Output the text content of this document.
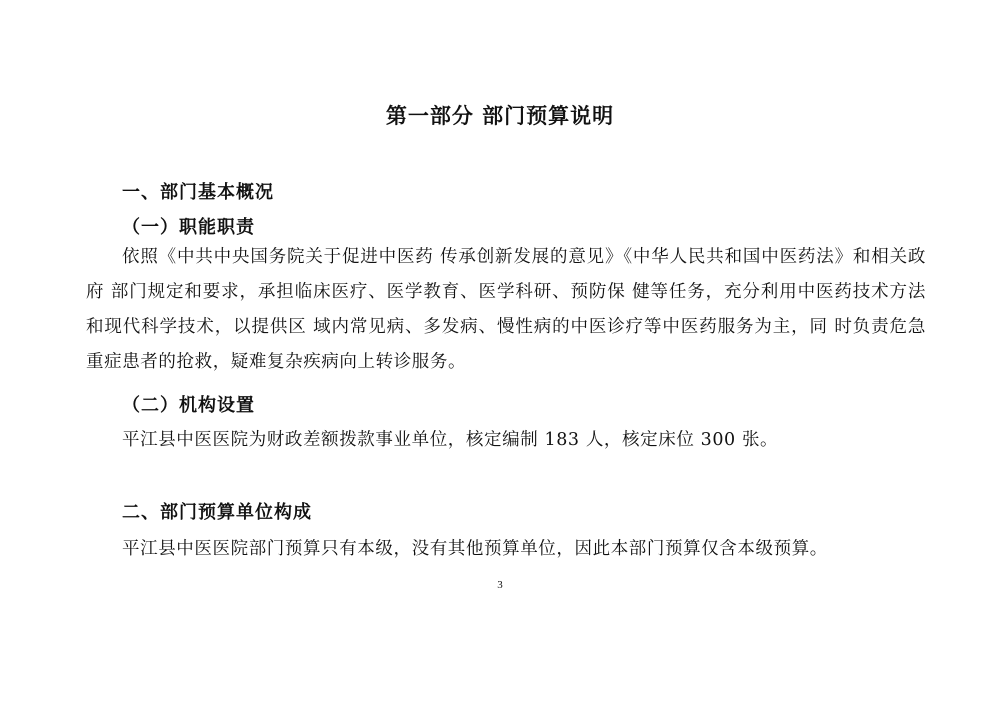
第一部分 部门预算说明
一、部门基本概况
（一）职能职责

依照《中共中央国务院关于促进中医药 传承创新发展的意见》《中华人民共和国中医药法》和相关政府 部门规定和要求，承担临床医疗、医学教育、医学科研、预防保 健等任务，充分利用中医药技术方法和现代科学技术，以提供区 域内常见病、多发病、慢性病的中医诊疗等中医药服务为主，同 时负责危急重症患者的抢救，疑难复杂疾病向上转诊服务。

（二）机构设置
平江县中医医院为财政差额拨款事业单位，核定编制 183 人，核定床位 300 张。
二、部门预算单位构成
平江县中医医院部门预算只有本级，没有其他预算单位，因此本部门预算仅含本级预算。
3
